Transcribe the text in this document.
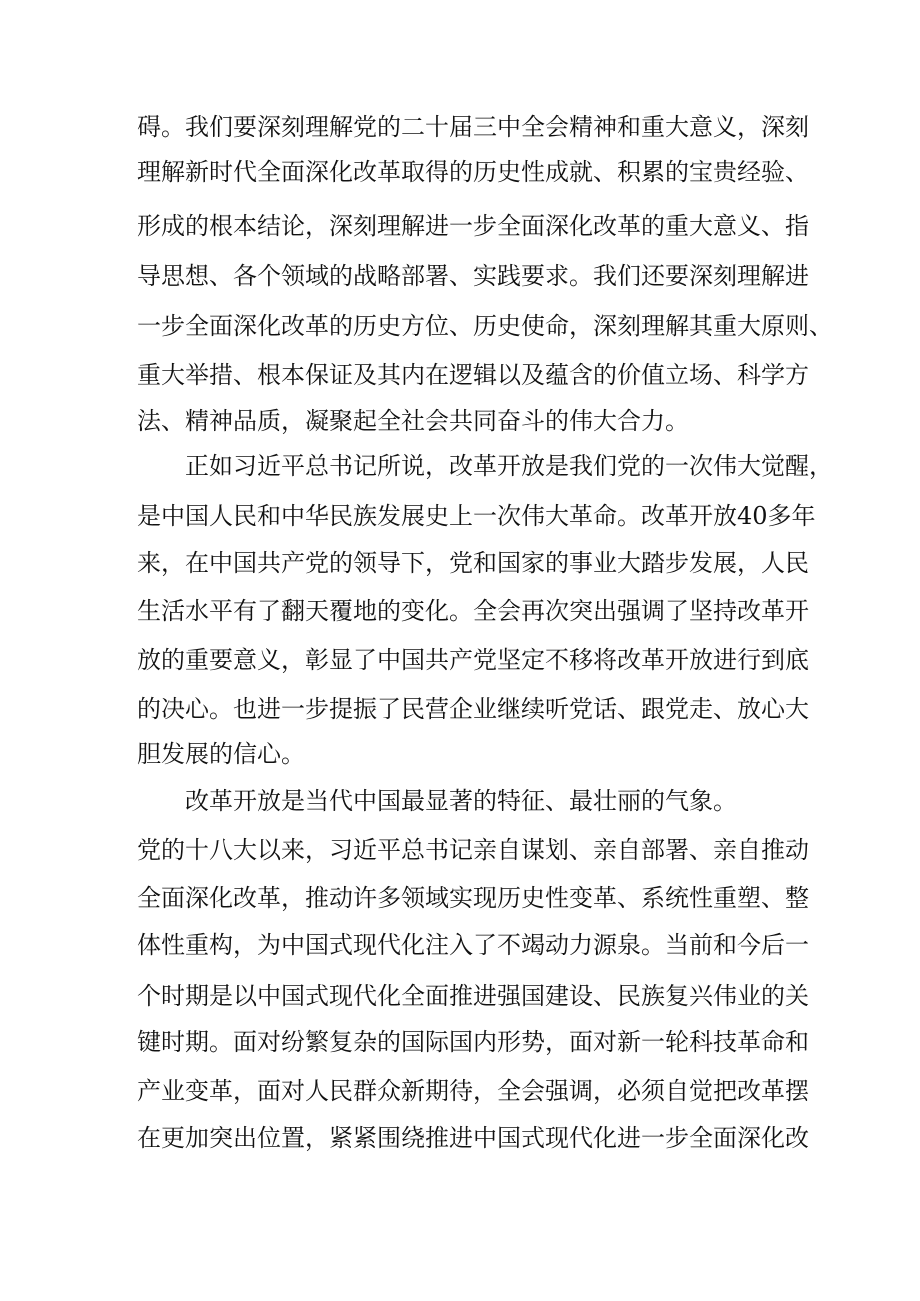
碍。我们要深刻理解党的二十届三中全会精神和重大意义，深刻
理解新时代全面深化改革取得的历史性成就、积累的宝贵经验、
形成的根本结论，深刻理解进一步全面深化改革的重大意义、指
导思想、各个领域的战略部署、实践要求。我们还要深刻理解进
一步全面深化改革的历史方位、历史使命，深刻理解其重大原则、
重大举措、根本保证及其内在逻辑以及蕴含的价值立场、科学方
法、精神品质，凝聚起全社会共同奋斗的伟大合力。
正如习近平总书记所说，改革开放是我们党的一次伟大觉醒，
是中国人民和中华民族发展史上一次伟大革命。改革开放40多年
来，在中国共产党的领导下，党和国家的事业大踏步发展，人民
生活水平有了翻天覆地的变化。全会再次突出强调了坚持改革开
放的重要意义，彰显了中国共产党坚定不移将改革开放进行到底
的决心。也进一步提振了民营企业继续听党话、跟党走、放心大
胆发展的信心。
改革开放是当代中国最显著的特征、最壮丽的气象。
党的十八大以来，习近平总书记亲自谋划、亲自部署、亲自推动
全面深化改革，推动许多领域实现历史性变革、系统性重塑、整
体性重构，为中国式现代化注入了不竭动力源泉。当前和今后一
个时期是以中国式现代化全面推进强国建设、民族复兴伟业的关
键时期。面对纷繁复杂的国际国内形势，面对新一轮科技革命和
产业变革，面对人民群众新期待，全会强调，必须自觉把改革摆
在更加突出位置，紧紧围绕推进中国式现代化进一步全面深化改
